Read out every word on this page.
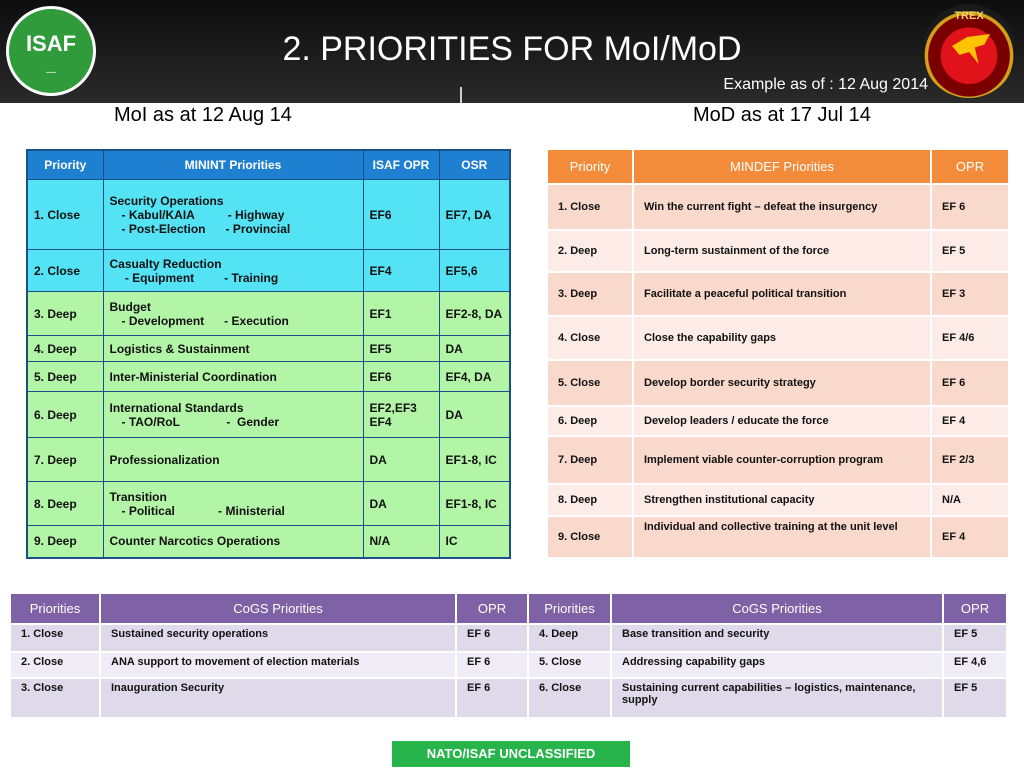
ISAF
―
2. PRIORITIES FOR MoI/MoD
Example as of : 12 Aug 2014
TREX
MoI as at 12 Aug 14	MoD as at 17 Jul 14
Priority	MININT Priorities	ISAF OPR	OSR
1. Close	Security Operations
- Kabul/KAIA          - Highway
- Post-Election      - Provincial	EF6	EF7, DA
2. Close	Casualty Reduction
- Equipment         - Training	EF4	EF5,6
3. Deep	Budget
- Development      - Execution	EF1	EF2-8, DA
4. Deep	Logistics & Sustainment	EF5	DA
5. Deep	Inter-Ministerial Coordination	EF6	EF4, DA
6. Deep	International Standards
- TAO/RoL              -  Gender	EF2,EF3 EF4	DA
7. Deep	Professionalization	DA	EF1-8, IC
8. Deep	Transition
- Political             - Ministerial	DA	EF1-8, IC
9. Deep	Counter Narcotics Operations	N/A	IC
Priority	MINDEF Priorities	OPR
1. Close	Win the current fight – defeat the insurgency	EF 6
2. Deep	Long-term sustainment of the force	EF 5
3. Deep	Facilitate a peaceful political transition	EF 3
4. Close	Close the capability gaps	EF 4/6
5. Close	Develop border security strategy	EF 6
6. Deep	Develop leaders / educate the force	EF 4
7. Deep	Implement viable counter-corruption program	EF 2/3
8. Deep	Strengthen institutional capacity	N/A
9. Close	Individual and collective training at the unit level	EF 4
Priorities	CoGS Priorities	OPR	Priorities	CoGS Priorities	OPR
1. Close	Sustained security operations	EF 6	4. Deep	Base transition and security	EF 5
2. Close	ANA support to movement of election materials	EF 6	5. Close	Addressing capability gaps	EF 4,6
3. Close	Inauguration Security	EF 6	6. Close	Sustaining current capabilities – logistics, maintenance, supply	EF 5
NATO/ISAF UNCLASSIFIED
